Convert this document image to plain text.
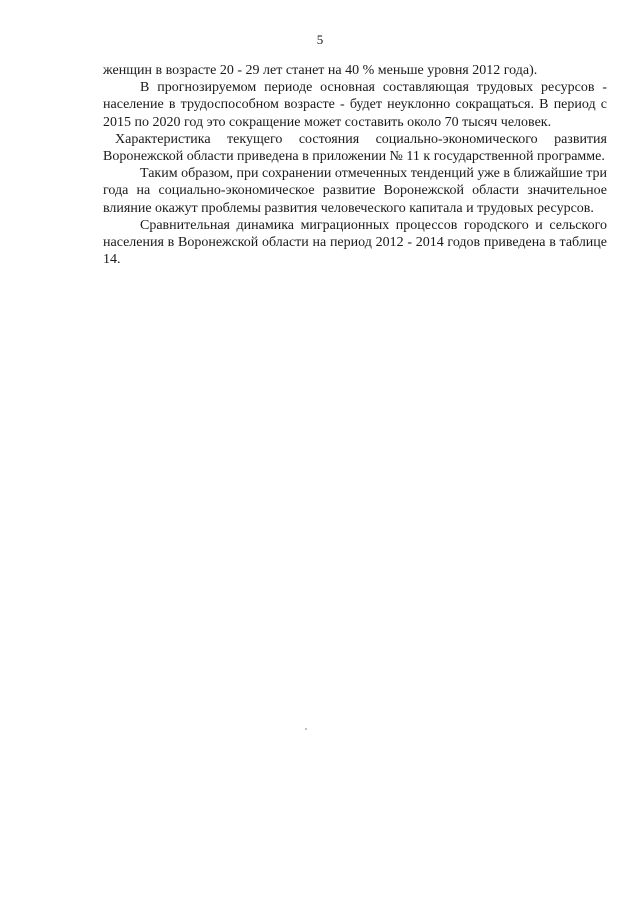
5

женщин в возрасте 20 - 29 лет станет на 40 % меньше уровня 2012 года).

В прогнозируемом периоде основная составляющая трудовых ресурсов - население в трудоспособном возрасте - будет неуклонно сокращаться. В период с 2015 по 2020 год это сокращение может составить около 70 тысяч человек.

Характеристика текущего состояния социально-экономического развития Воронежской области приведена в приложении № 11 к государственной программе.

Таким образом, при сохранении отмеченных тенденций уже в ближайшие три года на социально-экономическое развитие Воронежской области значительное влияние окажут проблемы развития человеческого капитала и трудовых ресурсов.

Сравнительная динамика миграционных процессов городского и сельского населения в Воронежской области на период 2012 - 2014 годов приведена в таблице 14.
